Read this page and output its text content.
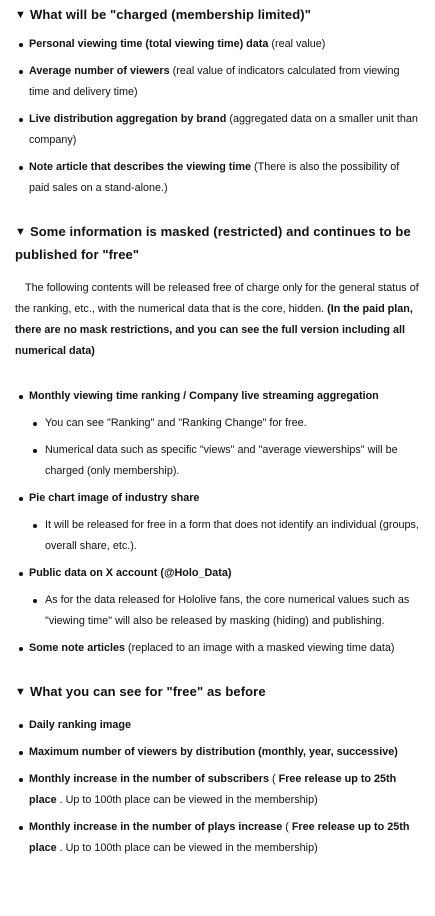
▼ What will be "charged (membership limited)"
Personal viewing time (total viewing time) data (real value)
Average number of viewers (real value of indicators calculated from viewing time and delivery time)
Live distribution aggregation by brand (aggregated data on a smaller unit than company)
Note article that describes the viewing time (There is also the possibility of paid sales on a stand-alone.)
▼ Some information is masked (restricted) and continues to be published for "free"

The following contents will be released free of charge only for the general status of the ranking, etc., with the numerical data that is the core, hidden. (In the paid plan, there are no mask restrictions, and you can see the full version including all numerical data)

Monthly viewing time ranking / Company live streaming aggregation
You can see "Ranking" and "Ranking Change" for free.
Numerical data such as specific "views" and "average viewerships" will be charged (only membership).
Pie chart image of industry share
It will be released for free in a form that does not identify an individual (groups, overall share, etc.).
Public data on X account (@Holo_Data)
As for the data released for Hololive fans, the core numerical values such as "viewing time" will also be released by masking (hiding) and publishing.
Some note articles (replaced to an image with a masked viewing time data)
▼ What you can see for "free" as before
Daily ranking image
Maximum number of viewers by distribution (monthly, year, successive)
Monthly increase in the number of subscribers ( Free release up to 25th place . Up to 100th place can be viewed in the membership)
Monthly increase in the number of plays increase ( Free release up to 25th place . Up to 100th place can be viewed in the membership)
